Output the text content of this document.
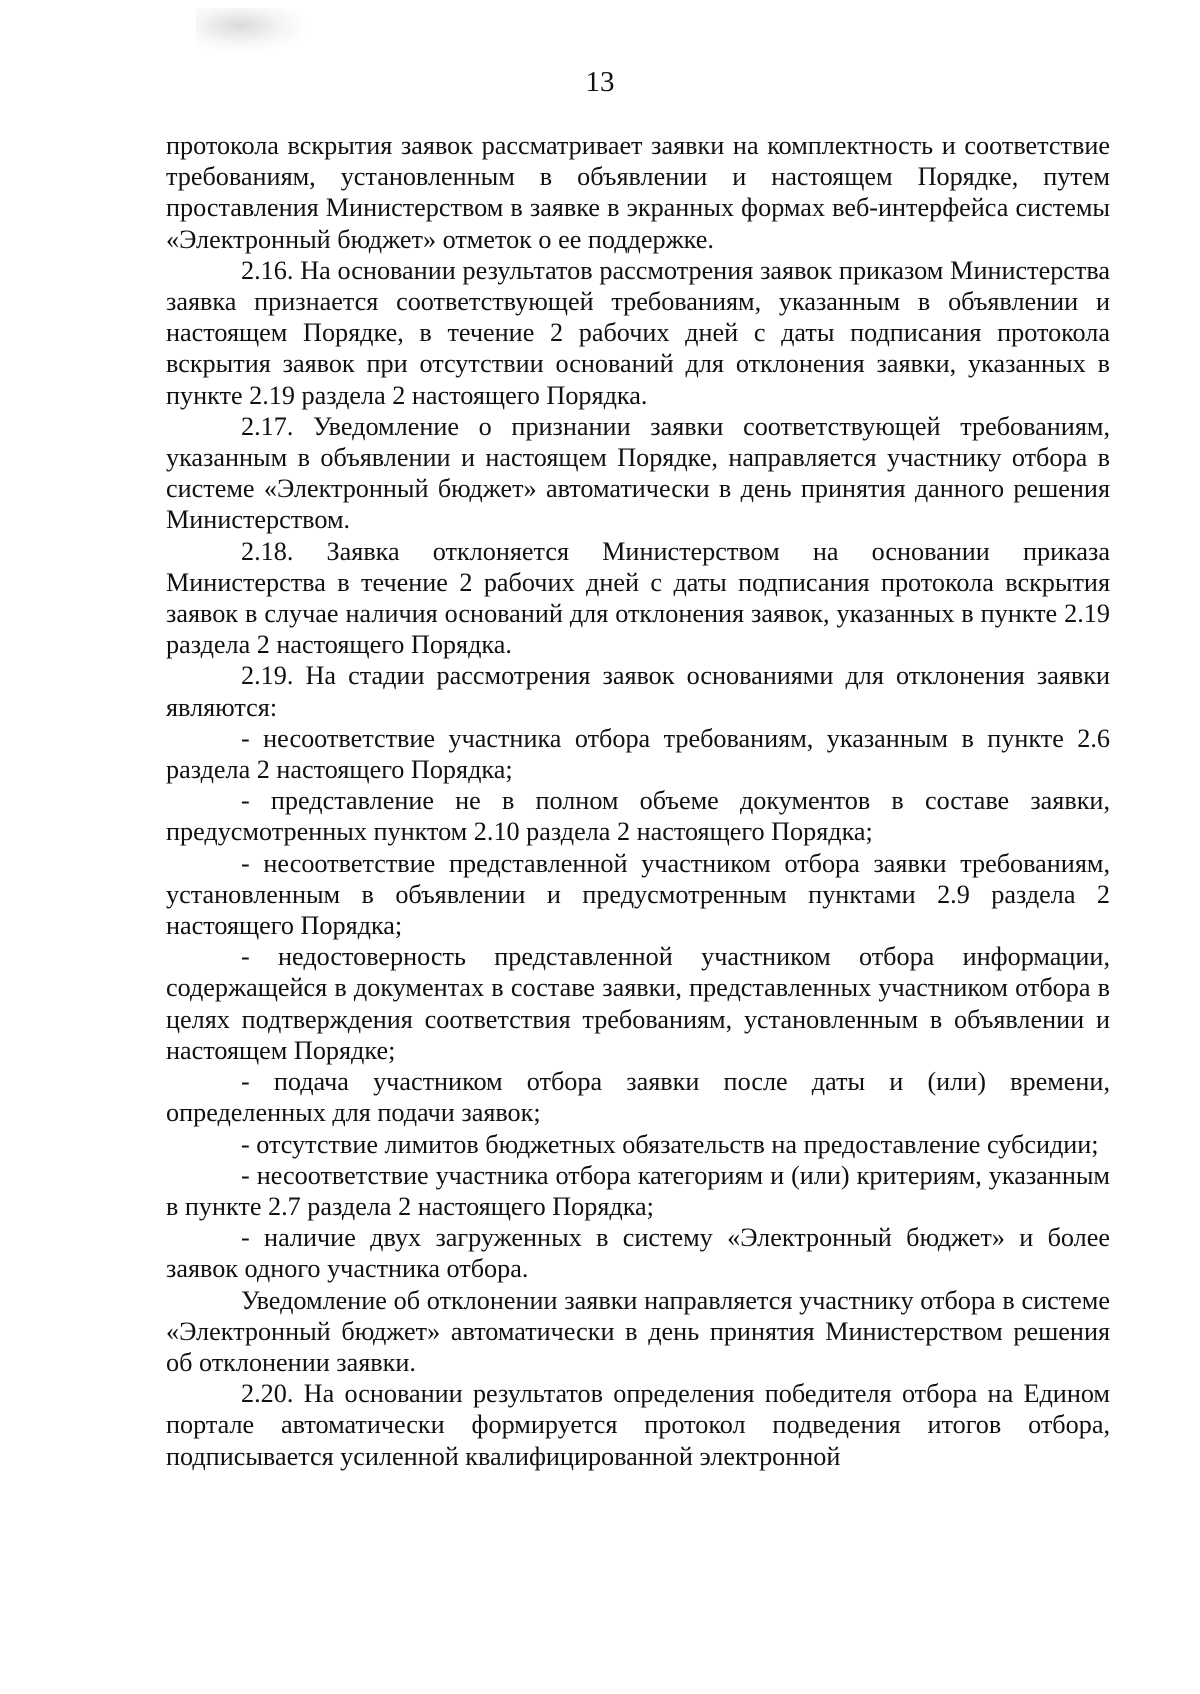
13

протокола вскрытия заявок рассматривает заявки на комплектность и соответствие требованиям, установленным в объявлении и настоящем Порядке, путем проставления Министерством в заявке в экранных формах веб-интерфейса системы «Электронный бюджет» отметок о ее поддержке.

2.16. На основании результатов рассмотрения заявок приказом Министерства заявка признается соответствующей требованиям, указанным в объявлении и настоящем Порядке, в течение 2 рабочих дней с даты подписания протокола вскрытия заявок при отсутствии оснований для отклонения заявки, указанных в пункте 2.19 раздела 2 настоящего Порядка.

2.17. Уведомление о признании заявки соответствующей требованиям, указанным в объявлении и настоящем Порядке, направляется участнику отбора в системе «Электронный бюджет» автоматически в день принятия данного решения Министерством.

2.18. Заявка отклоняется Министерством на основании приказа Министерства в течение 2 рабочих дней с даты подписания протокола вскрытия заявок в случае наличия оснований для отклонения заявок, указанных в пункте 2.19 раздела 2 настоящего Порядка.

2.19. На стадии рассмотрения заявок основаниями для отклонения заявки являются:

- несоответствие участника отбора требованиям, указанным в пункте 2.6 раздела 2 настоящего Порядка;

- представление не в полном объеме документов в составе заявки, предусмотренных пунктом 2.10 раздела 2 настоящего Порядка;

- несоответствие представленной участником отбора заявки требованиям, установленным в объявлении и предусмотренным пунктами 2.9 раздела 2 настоящего Порядка;

- недостоверность представленной участником отбора информации, содержащейся в документах в составе заявки, представленных участником отбора в целях подтверждения соответствия требованиям, установленным в объявлении и настоящем Порядке;

- подача участником отбора заявки после даты и (или) времени, определенных для подачи заявок;

- отсутствие лимитов бюджетных обязательств на предоставление субсидии;

- несоответствие участника отбора категориям и (или) критериям, указанным в пункте 2.7 раздела 2 настоящего Порядка;

- наличие двух загруженных в систему «Электронный бюджет» и более заявок одного участника отбора.

Уведомление об отклонении заявки направляется участнику отбора в системе «Электронный бюджет» автоматически в день принятия Министерством решения об отклонении заявки.

2.20. На основании результатов определения победителя отбора на Едином портале автоматически формируется протокол подведения итогов отбора, подписывается усиленной квалифицированной электронной
